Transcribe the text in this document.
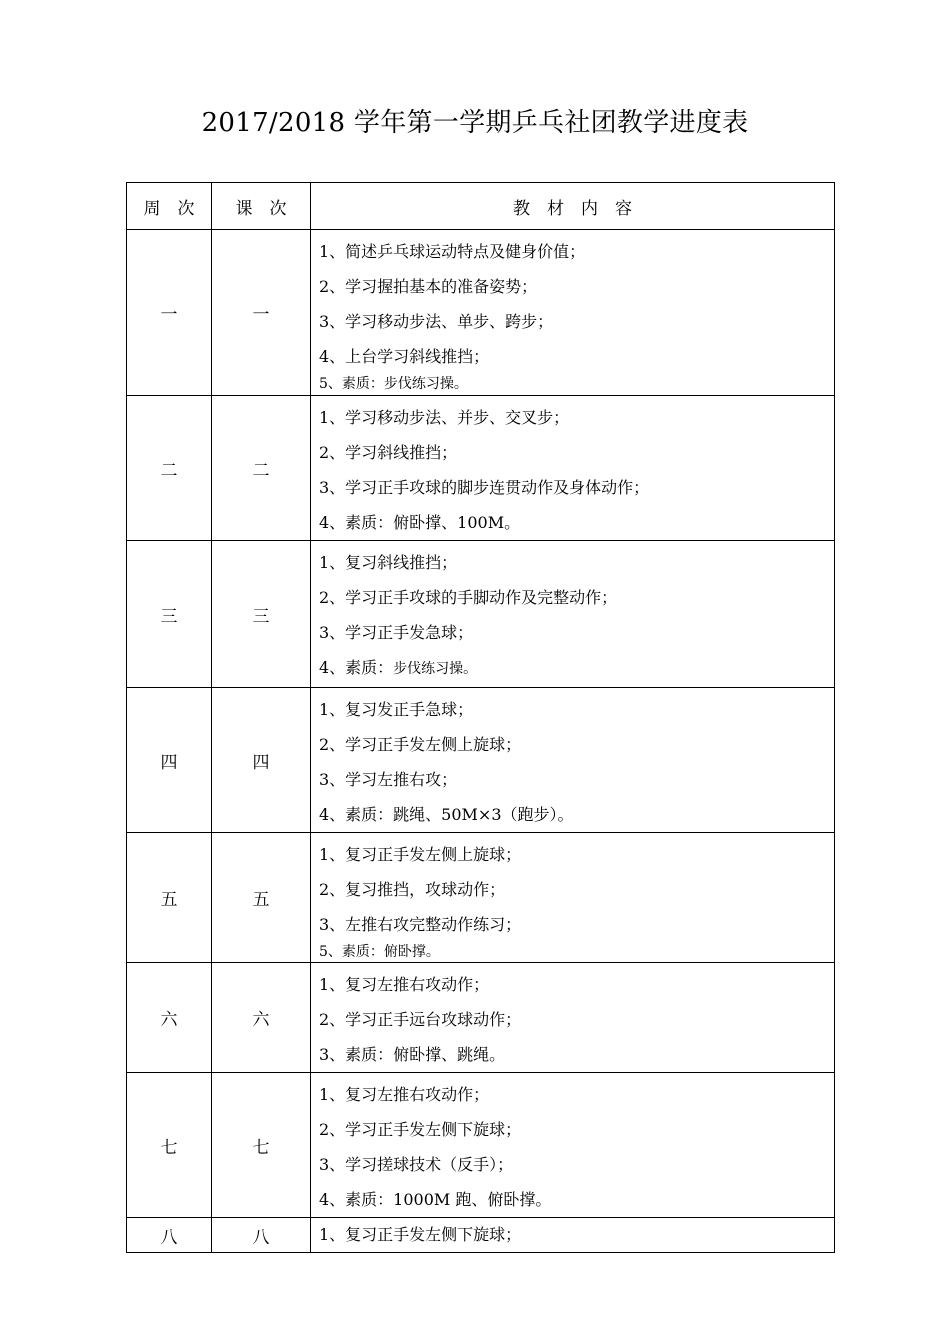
2017/2018 学年第一学期乒乓社团教学进度表
周　次	课　次	教　材　内　容
一	一	1、简述乒乓球运动特点及健身价值；
2、学习握拍基本的准备姿势；
3、学习移动步法、单步、跨步；
4、上台学习斜线推挡；
5、素质：步伐练习操。

二	二	1、学习移动步法、并步、交叉步；
2、学习斜线推挡；
3、学习正手攻球的脚步连贯动作及身体动作；
4、素质：俯卧撑、100M。

三	三	1、复习斜线推挡；
2、学习正手攻球的手脚动作及完整动作；
3、学习正手发急球；
4、素质：步伐练习操。

四	四	1、复习发正手急球；
2、学习正手发左侧上旋球；
3、学习左推右攻；
4、素质：跳绳、50M×3（跑步）。

五	五	1、复习正手发左侧上旋球；
2、复习推挡，攻球动作；
3、左推右攻完整动作练习；
5、素质：俯卧撑。

六	六	1、复习左推右攻动作；
2、学习正手远台攻球动作；
3、素质：俯卧撑、跳绳。

七	七	1、复习左推右攻动作；
2、学习正手发左侧下旋球；
3、学习搓球技术（反手）；
4、素质：1000M 跑、俯卧撑。

八	八	1、复习正手发左侧下旋球；
